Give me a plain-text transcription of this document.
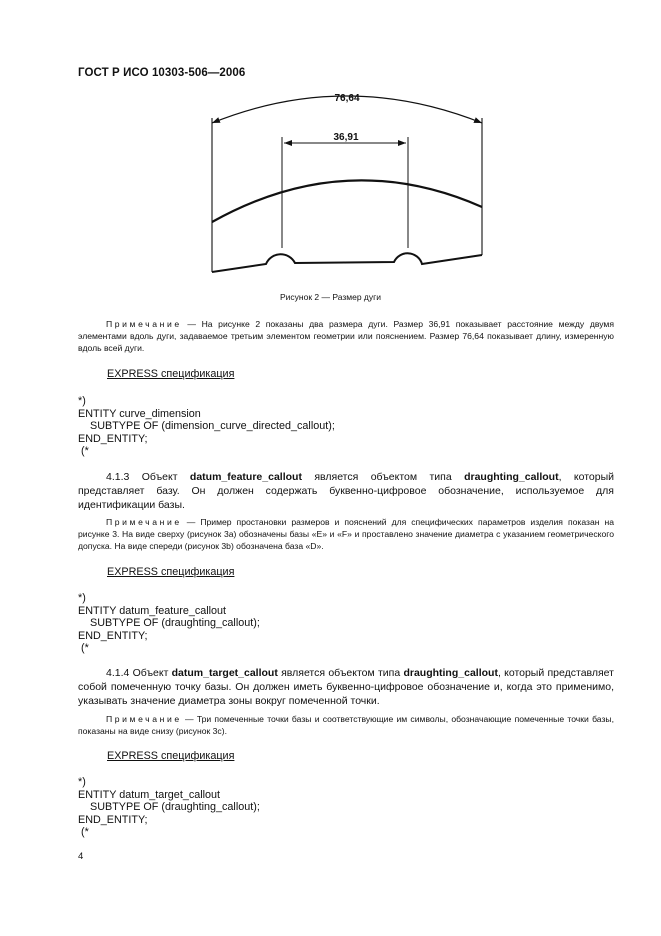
ГОСТ Р ИСО 10303-506—2006
76,64
36,91
Рисунок 2 — Размер дуги
Примечание — На рисунке 2 показаны два размера дуги. Размер 36,91 показывает расстояние между двумя элементами вдоль дуги, задаваемое третьим элементом геометрии или пояснением. Размер 76,64 показывает длину, измеренную вдоль всей дуги.
EXPRESS спецификация
*)
ENTITY curve_dimension
SUBTYPE OF (dimension_curve_directed_callout);
END_ENTITY;
(*
4.1.3 Объект datum_feature_callout является объектом типа draughting_callout, который представляет базу. Он должен содержать буквенно-цифровое обозначение, используемое для идентификации базы.
Примечание — Пример простановки размеров и пояснений для специфических параметров изделия показан на рисунке 3. На виде сверху (рисунок 3a) обозначены базы «E» и «F» и проставлено значение диаметра с указанием геометрического допуска. На виде спереди (рисунок 3b) обозначена база «D».
EXPRESS спецификация
*)
ENTITY datum_feature_callout
SUBTYPE OF (draughting_callout);
END_ENTITY;
(*
4.1.4 Объект datum_target_callout является объектом типа draughting_callout, который представляет собой помеченную точку базы. Он должен иметь буквенно-цифровое обозначение и, когда это применимо, указывать значение диаметра зоны вокруг помеченной точки.
Примечание — Три помеченные точки базы и соответствующие им символы, обозначающие помеченные точки базы, показаны на виде снизу (рисунок 3c).
EXPRESS спецификация
*)
ENTITY datum_target_callout
SUBTYPE OF (draughting_callout);
END_ENTITY;
(*
4
